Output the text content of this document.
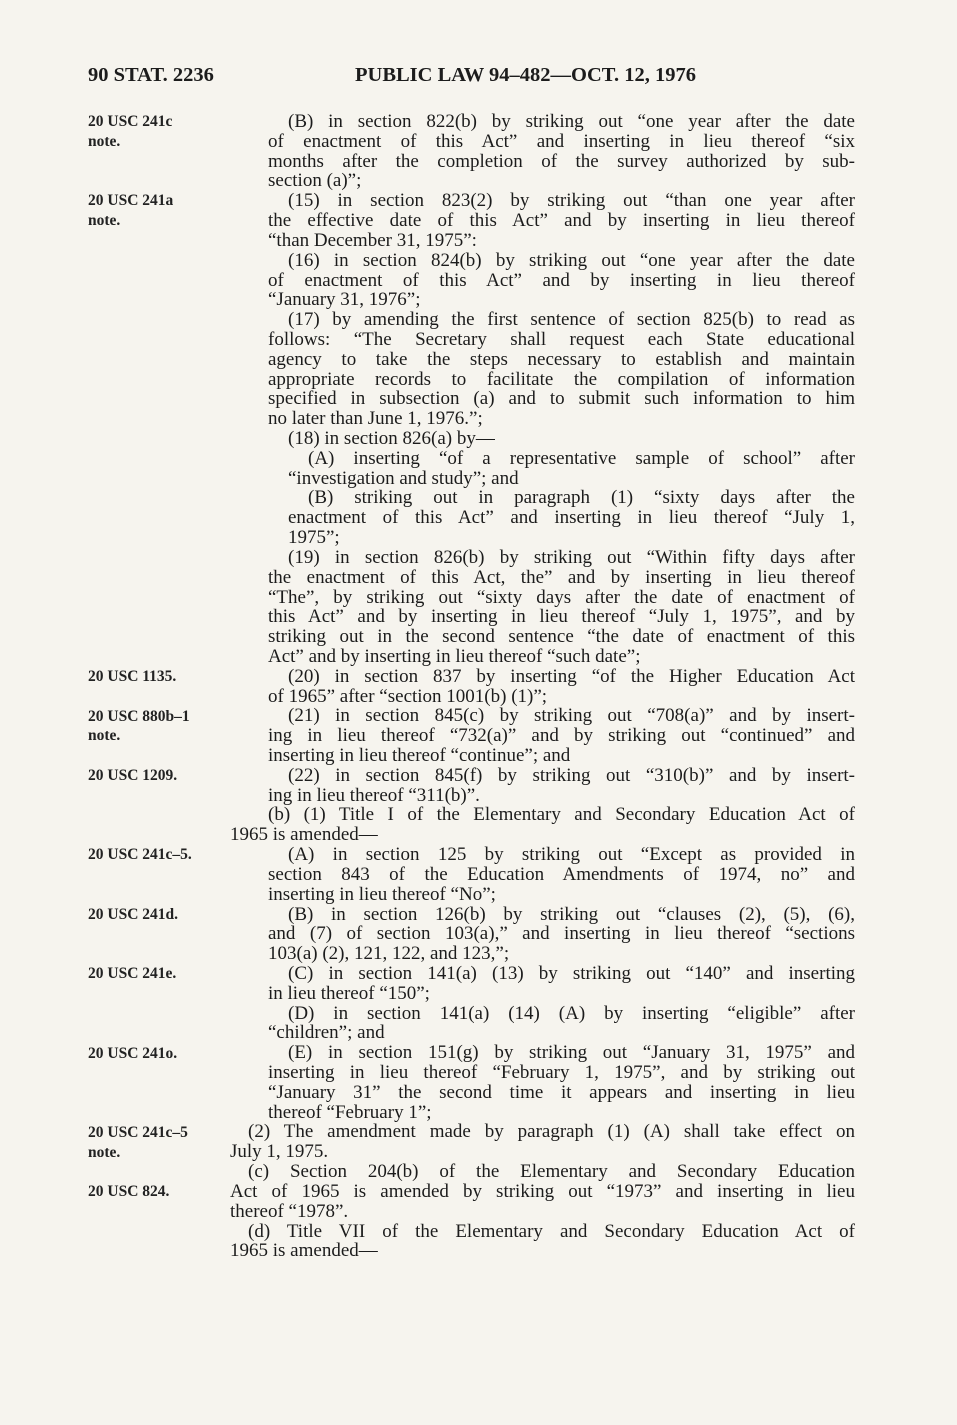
90 STAT. 2236	PUBLIC LAW 94–482—OCT. 12, 1976
20 USC 241c
note.
20 USC 241a
note.
20 USC 1135.
20 USC 880b–1
note.
20 USC 1209.
20 USC 241c–5.
20 USC 241d.
20 USC 241e.
20 USC 241o.
20 USC 241c–5
note.
20 USC 824.
(B) in section 822(b) by striking out “one year after the date
of enactment of this Act” and inserting in lieu thereof “six
months after the completion of the survey authorized by sub-
section (a)”;
(15) in section 823(2) by striking out “than one year after
the effective date of this Act” and by inserting in lieu thereof
“than December 31, 1975”:
(16) in section 824(b) by striking out “one year after the date
of enactment of this Act” and by inserting in lieu thereof
“January 31, 1976”;
(17) by amending the first sentence of section 825(b) to read as
follows: “The Secretary shall request each State educational
agency to take the steps necessary to establish and maintain
appropriate records to facilitate the compilation of information
specified in subsection (a) and to submit such information to him
no later than June 1, 1976.”;
(18) in section 826(a) by—
(A) inserting “of a representative sample of school” after
“investigation and study”; and
(B) striking out in paragraph (1) “sixty days after the
enactment of this Act” and inserting in lieu thereof “July 1,
1975”;
(19) in section 826(b) by striking out “Within fifty days after
the enactment of this Act, the” and by inserting in lieu thereof
“The”, by striking out “sixty days after the date of enactment of
this Act” and by inserting in lieu thereof “July 1, 1975”, and by
striking out in the second sentence “the date of enactment of this
Act” and by inserting in lieu thereof “such date”;
(20) in section 837 by inserting “of the Higher Education Act
of 1965” after “section 1001(b) (1)”;
(21) in section 845(c) by striking out “708(a)” and by insert-
ing in lieu thereof “732(a)” and by striking out “continued” and
inserting in lieu thereof “continue”; and
(22) in section 845(f) by striking out “310(b)” and by insert-
ing in lieu thereof “311(b)”.
(b) (1) Title I of the Elementary and Secondary Education Act of
1965 is amended—
(A) in section 125 by striking out “Except as provided in
section 843 of the Education Amendments of 1974, no” and
inserting in lieu thereof “No”;
(B) in section 126(b) by striking out “clauses (2), (5), (6),
and (7) of section 103(a),” and inserting in lieu thereof “sections
103(a) (2), 121, 122, and 123,”;
(C) in section 141(a) (13) by striking out “140” and inserting
in lieu thereof “150”;
(D) in section 141(a) (14) (A) by inserting “eligible” after
“children”; and
(E) in section 151(g) by striking out “January 31, 1975” and
inserting in lieu thereof “February 1, 1975”, and by striking out
“January 31” the second time it appears and inserting in lieu
thereof “February 1”;
(2) The amendment made by paragraph (1) (A) shall take effect on
July 1, 1975.
(c) Section 204(b) of the Elementary and Secondary Education
Act of 1965 is amended by striking out “1973” and inserting in lieu
thereof “1978”.
(d) Title VII of the Elementary and Secondary Education Act of
1965 is amended—
